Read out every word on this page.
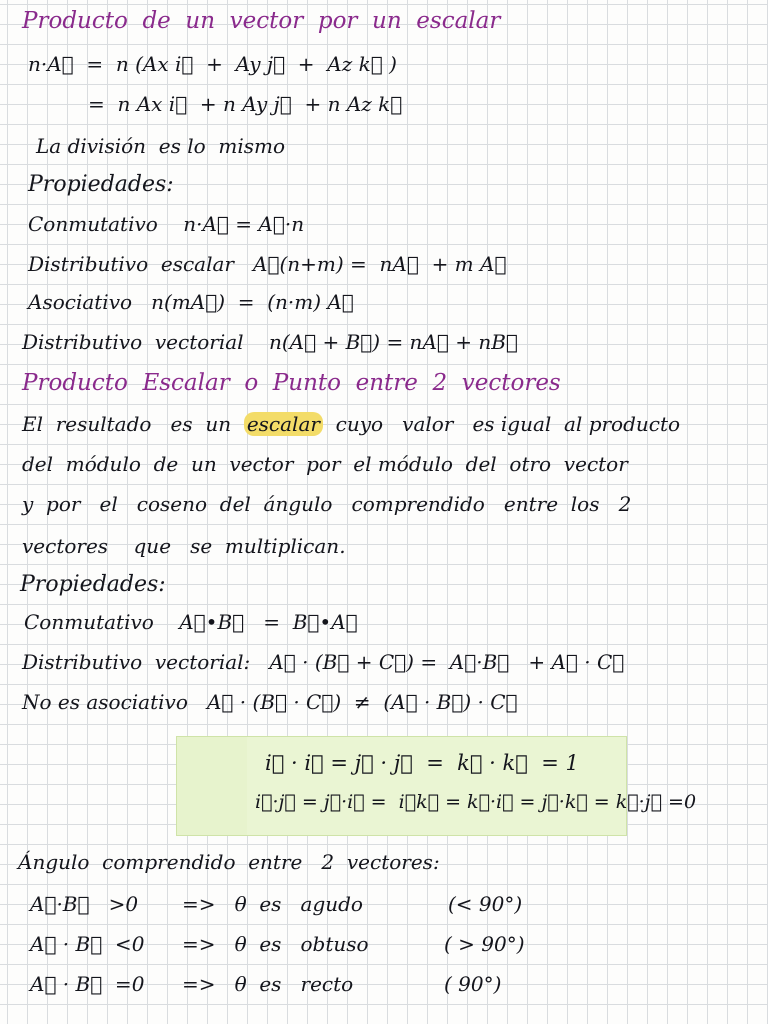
Producto  de  un  vector  por  un  escalar
n·A⃗  =  n (Ax i⃗  +  Ay j⃗  +  Az k⃗ )
=  n Ax i⃗  + n Ay j⃗  + n Az k⃗
La división  es lo  mismo
Propiedades:
Conmutativo    n·A⃗ = A⃗·n
Distributivo  escalar   A⃗(n+m) =  nA⃗  + m A⃗
Asociativo   n(mA⃗)  =  (n·m) A⃗
Distributivo  vectorial    n(A⃗ + B⃗) = nA⃗ + nB⃗
Producto  Escalar  o  Punto  entre  2  vectores
El  resultado   es  un  escalar  cuyo   valor   es igual  al producto
del  módulo  de  un  vector  por  el módulo  del  otro  vector
y  por   el   coseno  del  ángulo   comprendido   entre  los   2
vectores    que   se  multiplican.
Propiedades:
Conmutativo    A⃗•B⃗   =  B⃗•A⃗
Distributivo  vectorial:   A⃗ · (B⃗ + C⃗) =  A⃗·B⃗   + A⃗ · C⃗
No es asociativo   A⃗ · (B⃗ · C⃗)  ≠  (A⃗ · B⃗) · C⃗
i⃗ · i⃗ = j⃗ · j⃗  =  k⃗ · k⃗  = 1
i⃗·j⃗ = j⃗·i⃗ =  i⃗k⃗ = k⃗·i⃗ = j⃗·k⃗ = k⃗·j⃗ =0
Ángulo  comprendido  entre   2  vectores:
A⃗·B⃗   >0 =>   θ  es   agudo	(< 90°)
A⃗ · B⃗  <0 =>   θ  es   obtuso	( > 90°)
A⃗ · B⃗  =0 =>   θ  es   recto	( 90°)
